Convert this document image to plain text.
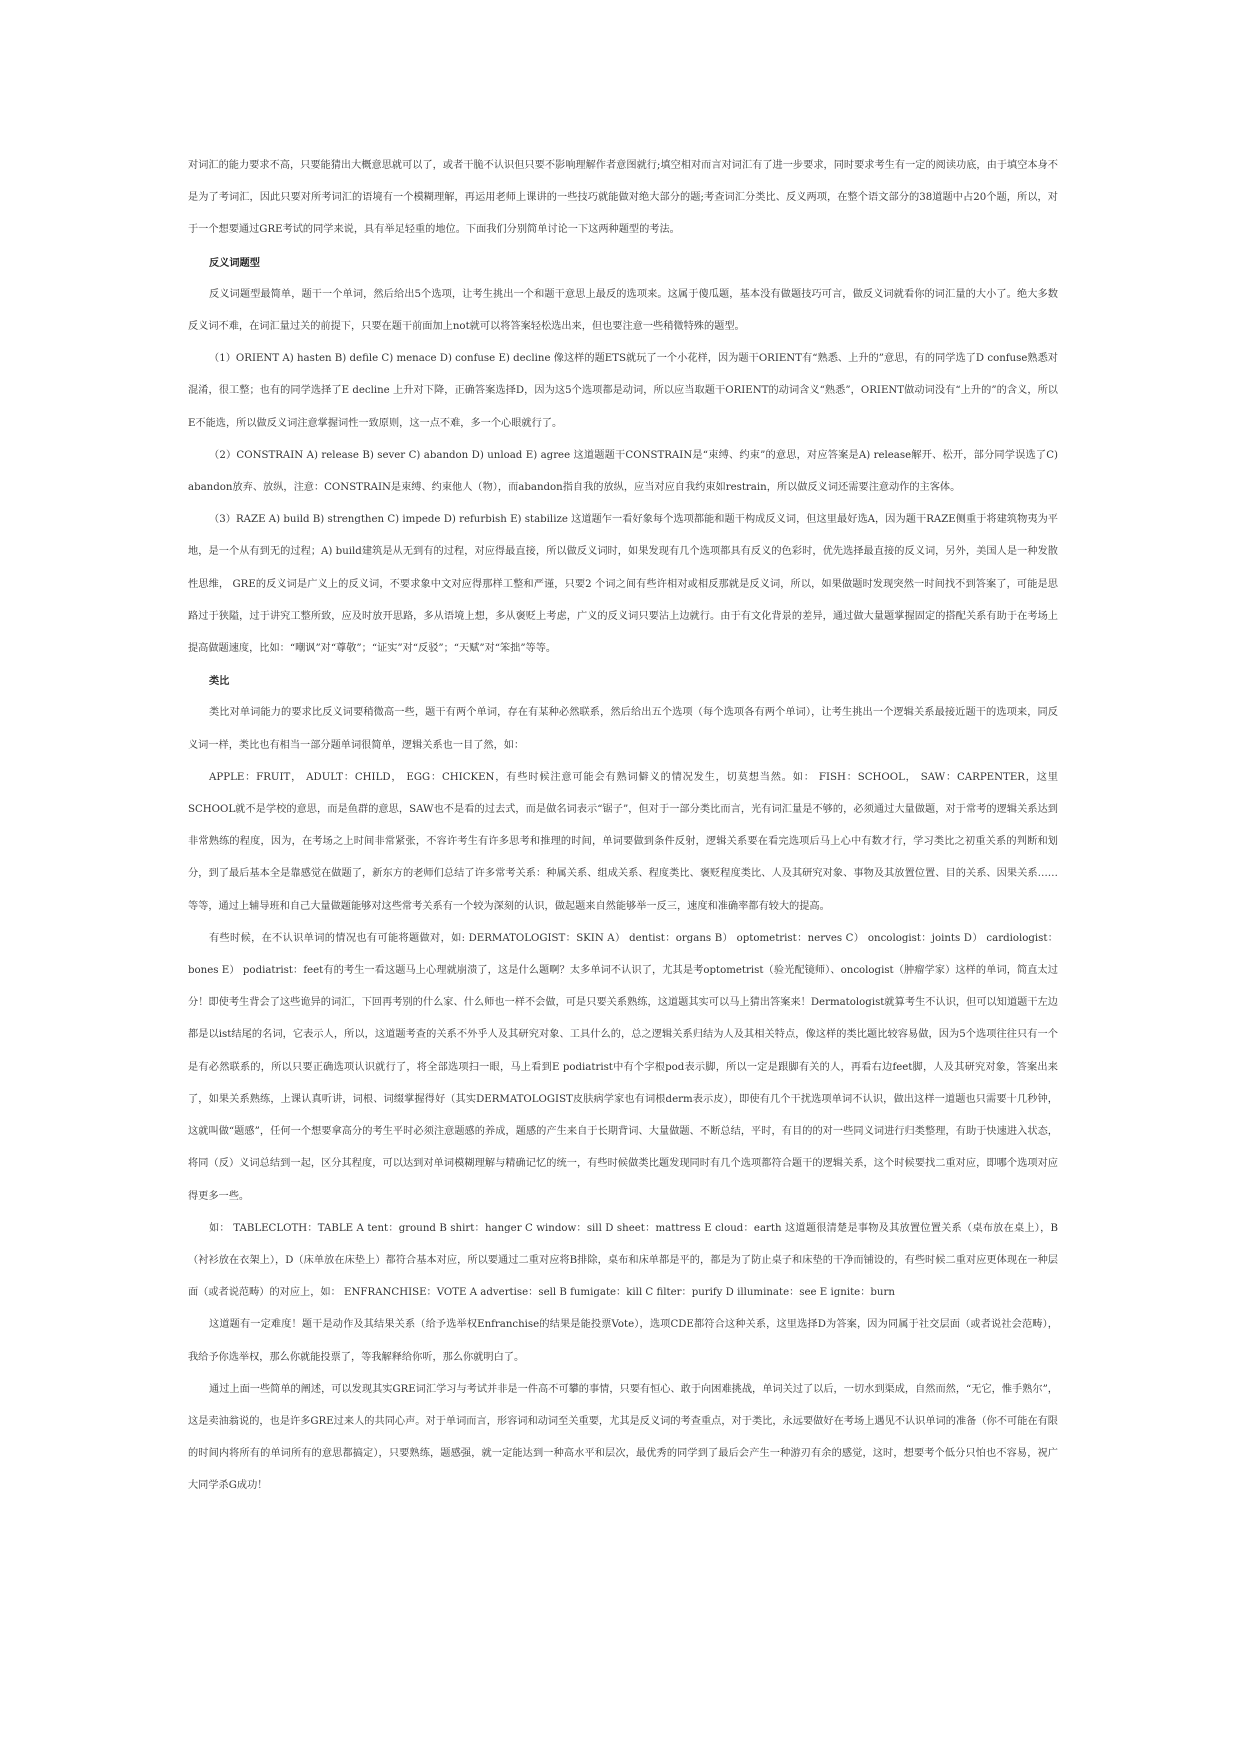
对词汇的能力要求不高，只要能猜出大概意思就可以了，或者干脆不认识但只要不影响理解作者意图就行;填空相对而言对词汇有了进一步要求，同时要求考生有一定的阅读功底，由于填空本身不是为了考词汇，因此只要对所考词汇的语境有一个模糊理解，再运用老师上课讲的一些技巧就能做对绝大部分的题;考查词汇分类比、反义两项，在整个语文部分的38道题中占20个题，所以，对于一个想要通过GRE考试的同学来说，具有举足轻重的地位。下面我们分别简单讨论一下这两种题型的考法。

反义词题型

反义词题型最简单，题干一个单词，然后给出5个选项，让考生挑出一个和题干意思上最反的选项来。这属于傻瓜题，基本没有做题技巧可言，做反义词就看你的词汇量的大小了。绝大多数反义词不难，在词汇量过关的前提下，只要在题干前面加上not就可以将答案轻松选出来，但也要注意一些稍微特殊的题型。

（1）ORIENT A) hasten B) defile C) menace D) confuse E) decline 像这样的题ETS就玩了一个小花样，因为题干ORIENT有“熟悉、上升的”意思，有的同学选了D confuse熟悉对混淆，很工整；也有的同学选择了E decline 上升对下降，正确答案选择D，因为这5个选项都是动词，所以应当取题干ORIENT的动词含义“熟悉”，ORIENT做动词没有“上升的”的含义，所以E不能选，所以做反义词注意掌握词性一致原则，这一点不难，多一个心眼就行了。

（2）CONSTRAIN A) release B) sever C) abandon D) unload E) agree 这道题题干CONSTRAIN是“束缚、约束”的意思，对应答案是A) release解开、松开，部分同学误选了C) abandon放弃、放纵，注意：CONSTRAIN是束缚、约束他人（物），而abandon指自我的放纵，应当对应自我约束如restrain，所以做反义词还需要注意动作的主客体。

（3）RAZE A) build B) strengthen C) impede D) refurbish E) stabilize 这道题乍一看好象每个选项都能和题干构成反义词，但这里最好选A，因为题干RAZE侧重于将建筑物夷为平地，是一个从有到无的过程；A) build建筑是从无到有的过程，对应得最直接，所以做反义词时，如果发现有几个选项都具有反义的色彩时，优先选择最直接的反义词，另外，美国人是一种发散性思维， GRE的反义词是广义上的反义词，不要求象中文对应得那样工整和严谨，只要2 个词之间有些许相对或相反那就是反义词，所以，如果做题时发现突然一时间找不到答案了，可能是思路过于狭隘，过于讲究工整所致，应及时放开思路，多从语境上想，多从褒贬上考虑，广义的反义词只要沾上边就行。由于有文化背景的差异，通过做大量题掌握固定的搭配关系有助于在考场上提高做题速度，比如：“嘲讽”对“尊敬”；“证实”对“反驳”；“天赋”对“笨拙”等等。

类比

类比对单词能力的要求比反义词要稍微高一些，题干有两个单词，存在有某种必然联系，然后给出五个选项（每个选项各有两个单词），让考生挑出一个逻辑关系最接近题干的选项来，同反义词一样，类比也有相当一部分题单词很简单，逻辑关系也一目了然，如：

APPLE：FRUIT， ADULT：CHILD， EGG：CHICKEN，有些时候注意可能会有熟词僻义的情况发生，切莫想当然。如： FISH：SCHOOL， SAW：CARPENTER，这里SCHOOL就不是学校的意思，而是鱼群的意思，SAW也不是看的过去式，而是做名词表示“锯子”，但对于一部分类比而言，光有词汇量是不够的，必须通过大量做题，对于常考的逻辑关系达到非常熟练的程度，因为，在考场之上时间非常紧张，不容许考生有许多思考和推理的时间，单词要做到条件反射，逻辑关系要在看完选项后马上心中有数才行，学习类比之初重关系的判断和划分，到了最后基本全是靠感觉在做题了，新东方的老师们总结了许多常考关系：种属关系、组成关系、程度类比、褒贬程度类比、人及其研究对象、事物及其放置位置、目的关系、因果关系……等等，通过上辅导班和自己大量做题能够对这些常考关系有一个较为深刻的认识，做起题来自然能够举一反三，速度和准确率都有较大的提高。

有些时候，在不认识单词的情况也有可能将题做对，如: DERMATOLOGIST：SKIN A） dentist：organs B） optometrist：nerves C） oncologist：joints D） cardiologist：bones E） podiatrist：feet有的考生一看这题马上心理就崩溃了，这是什么题啊？太多单词不认识了，尤其是考optometrist（验光配镜师）、oncologist（肿瘤学家）这样的单词，简直太过分！即使考生背会了这些诡异的词汇，下回再考别的什么家、什么师也一样不会做，可是只要关系熟练，这道题其实可以马上猜出答案来！Dermatologist就算考生不认识，但可以知道题干左边都是以ist结尾的名词，它表示人，所以，这道题考查的关系不外乎人及其研究对象、工具什么的，总之逻辑关系归结为人及其相关特点，像这样的类比题比较容易做，因为5个选项往往只有一个是有必然联系的，所以只要正确选项认识就行了，将全部选项扫一眼，马上看到E podiatrist中有个字根pod表示脚，所以一定是跟脚有关的人，再看右边feet脚，人及其研究对象，答案出来了，如果关系熟练，上课认真听讲，词根、词缀掌握得好（其实DERMATOLOGIST皮肤病学家也有词根derm表示皮），即使有几个干扰选项单词不认识，做出这样一道题也只需要十几秒钟，这就叫做“题感”，任何一个想要拿高分的考生平时必须注意题感的养成，题感的产生来自于长期背词、大量做题、不断总结，平时，有目的的对一些同义词进行归类整理，有助于快速进入状态，将同（反）义词总结到一起，区分其程度，可以达到对单词模糊理解与精确记忆的统一，有些时候做类比题发现同时有几个选项都符合题干的逻辑关系，这个时候要找二重对应，即哪个选项对应得更多一些。

如： TABLECLOTH：TABLE A tent：ground B shirt：hanger C window：sill D sheet：mattress E cloud：earth 这道题很清楚是事物及其放置位置关系（桌布放在桌上），B（衬衫放在衣架上），D（床单放在床垫上）都符合基本对应，所以要通过二重对应将B排除，桌布和床单都是平的，都是为了防止桌子和床垫的干净而铺设的，有些时候二重对应更体现在一种层面（或者说范畴）的对应上，如： ENFRANCHISE：VOTE A advertise：sell B fumigate：kill C filter：purify D illuminate：see E ignite：burn

这道题有一定难度！题干是动作及其结果关系（给予选举权Enfranchise的结果是能投票Vote），选项CDE都符合这种关系，这里选择D为答案，因为同属于社交层面（或者说社会范畴），我给予你选举权，那么你就能投票了，等我解释给你听，那么你就明白了。

通过上面一些简单的阐述，可以发现其实GRE词汇学习与考试并非是一件高不可攀的事情，只要有恒心、敢于向困难挑战，单词关过了以后，一切水到渠成，自然而然，“无它，惟手熟尔”，这是卖油翁说的，也是许多GRE过来人的共同心声。对于单词而言，形容词和动词至关重要，尤其是反义词的考查重点，对于类比，永远要做好在考场上遇见不认识单词的准备（你不可能在有限的时间内将所有的单词所有的意思都搞定），只要熟练，题感强，就一定能达到一种高水平和层次，最优秀的同学到了最后会产生一种游刃有余的感觉，这时，想要考个低分只怕也不容易，祝广大同学杀G成功！
